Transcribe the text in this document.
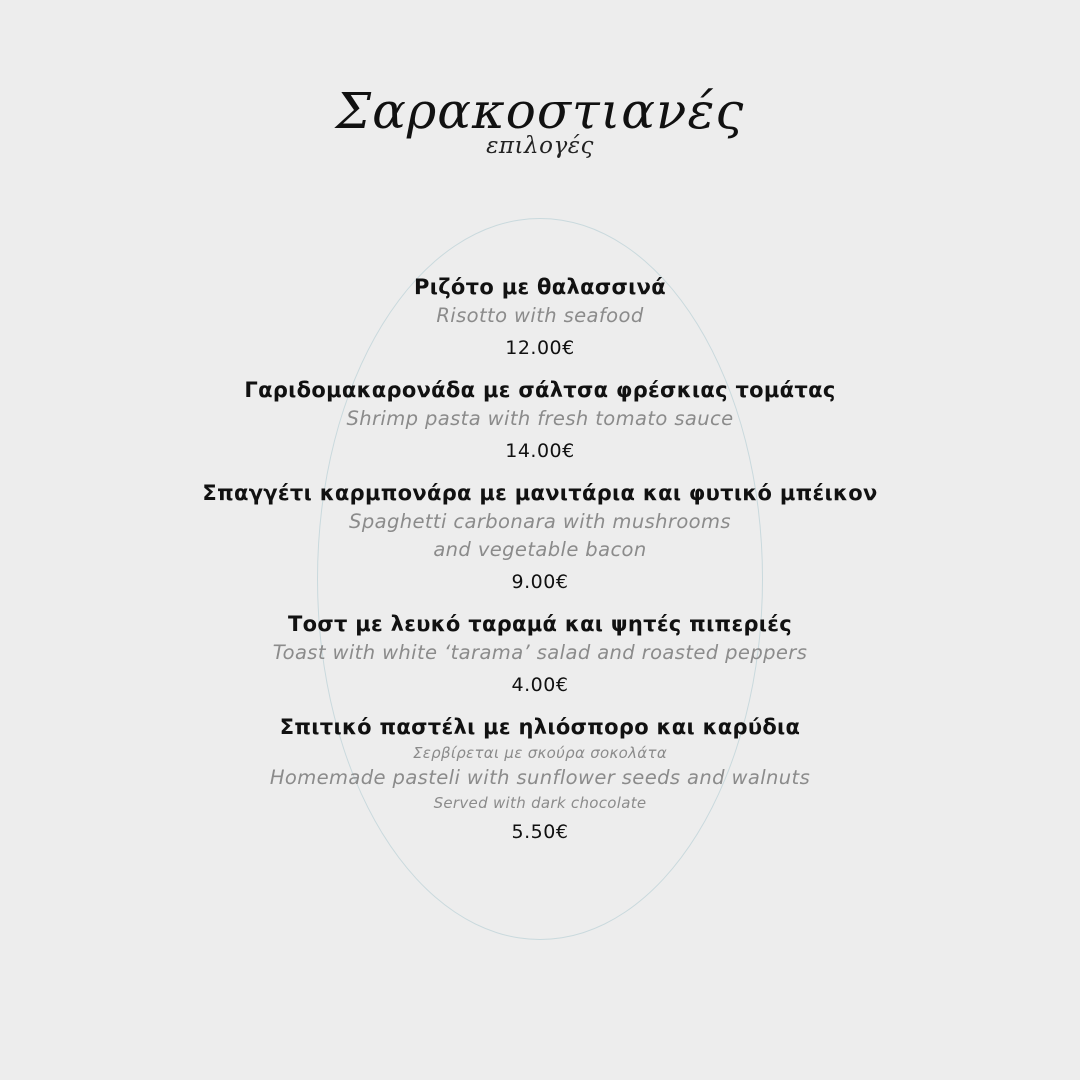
Σαρακοστιανές
επιλογές
Ριζότο με θαλασσινά
Risotto with seafood
12.00€
Γαριδομακαρονάδα με σάλτσα φρέσκιας τομάτας
Shrimp pasta with fresh tomato sauce
14.00€
Σπαγγέτι καρμπονάρα με μανιτάρια και φυτικό μπέικον
Spaghetti carbonara with mushrooms
and vegetable bacon
9.00€
Τοστ με λευκό ταραμά και ψητές πιπεριές
Toast with white ‘tarama’ salad and roasted peppers
4.00€
Σπιτικό παστέλι με ηλιόσπορο και καρύδια
Σερβίρεται με σκούρα σοκολάτα
Homemade pasteli with sunflower seeds and walnuts
Served with dark chocolate
5.50€
